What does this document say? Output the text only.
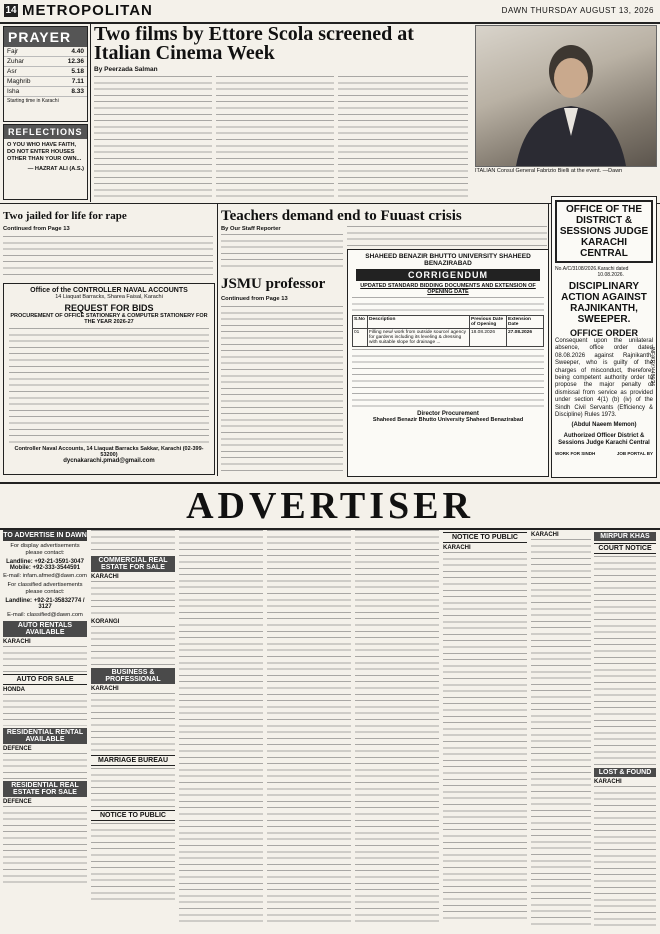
14 METROPOLITAN	DAWN THURSDAY AUGUST 13, 2026
PRAYER
Fajr	4.40
Zuhar	12.36
Asr	5.18
Maghrib	7.11
Isha	8.33
Starting time in Karachi
REFLECTIONS
O YOU WHO HAVE FAITH, DO NOT ENTER HOUSES OTHER THAN YOUR OWN...
— HAZRAT ALI (A.S.)
Two films by Ettore Scola screened at Italian Cinema Week
By Peerzada Salman
ITALIAN Consul General Fabrizio Bielli at the event. —Dawn
Two jailed for life for rape
Continued from Page 13
Teachers demand end to Fuuast crisis
By Our Staff Reporter
JSMU professor
Continued from Page 13
Office of the CONTROLLER NAVAL ACCOUNTS
14 Liaquat Barracks, Sharea Faisal, Karachi
REQUEST FOR BIDS
PROCUREMENT OF OFFICE STATIONERY & COMPUTER STATIONERY FOR THE YEAR 2026-27
Controller Naval Accounts, 14 Liaquat Barracks Sakkar, Karachi (02-399-53200)
dycnakarachi.pmad@gmail.com
SHAHEED BENAZIR BHUTTO UNIVERSITY SHAHEED BENAZIRABAD
CORRIGENDUM
UPDATED STANDARD BIDDING DOCUMENTS AND EXTENSION OF OPENING DATE
S.No	Description	Previous Date of Opening	Extension Date
01	Filling new/ work from outside source/ agency for gardens including its leveling & dressing with suitable slope for drainage ...	18.08.2026	27.08.2026
Director Procurement
Shaheed Benazir Bhutto University Shaheed Benazirabad
OFFICE OF THE DISTRICT & SESSIONS JUDGE KARACHI CENTRAL
No.A/C/3108/2026. Karachi dated 10.08.2026.
DISCIPLINARY ACTION AGAINST RAJNIKANTH, SWEEPER.
OFFICE ORDER
Consequent upon the unilateral absence, office order dated 08.08.2026 against Rajnikanth, Sweeper, who is guilty of the charges of misconduct, therefore, being competent authority order to propose the major penalty of dismissal from service as provided under section 4(1) (b) (iv) of the Sindh Civil Servants (Efficiency & Discipline) Rules 1973.
(Abdul Naeem Memon)
Authorized Officer District & Sessions Judge Karachi Central
WORK FOR SINDH	JOB PORTAL BY
INF/KRY/4486/26
ADVERTISER
TO ADVERTISE IN DAWN
For display advertisements please contact:
Landline: +92-21-3591-3047
Mobile: +92-333-3544591
E-mail: infam.afmed@dawn.com
For classified advertisements please contact:
Landline: +92-21-35832774 / 3127
E-mail: classified@dawn.com
AUTO RENTALS AVAILABLE
KARACHI
AUTO FOR SALE
HONDA
RESIDENTIAL RENTAL AVAILABLE
DEFENCE
RESIDENTIAL REAL ESTATE FOR SALE
DEFENCE
COMMERCIAL REAL ESTATE FOR SALE
KARACHI
KORANGI
BUSINESS & PROFESSIONAL
KARACHI
MARRIAGE BUREAU
NOTICE TO PUBLIC
NOTICE TO PUBLIC
KARACHI
KARACHI	MIRPUR KHAS
COURT NOTICE
LOST & FOUND
KARACHI
